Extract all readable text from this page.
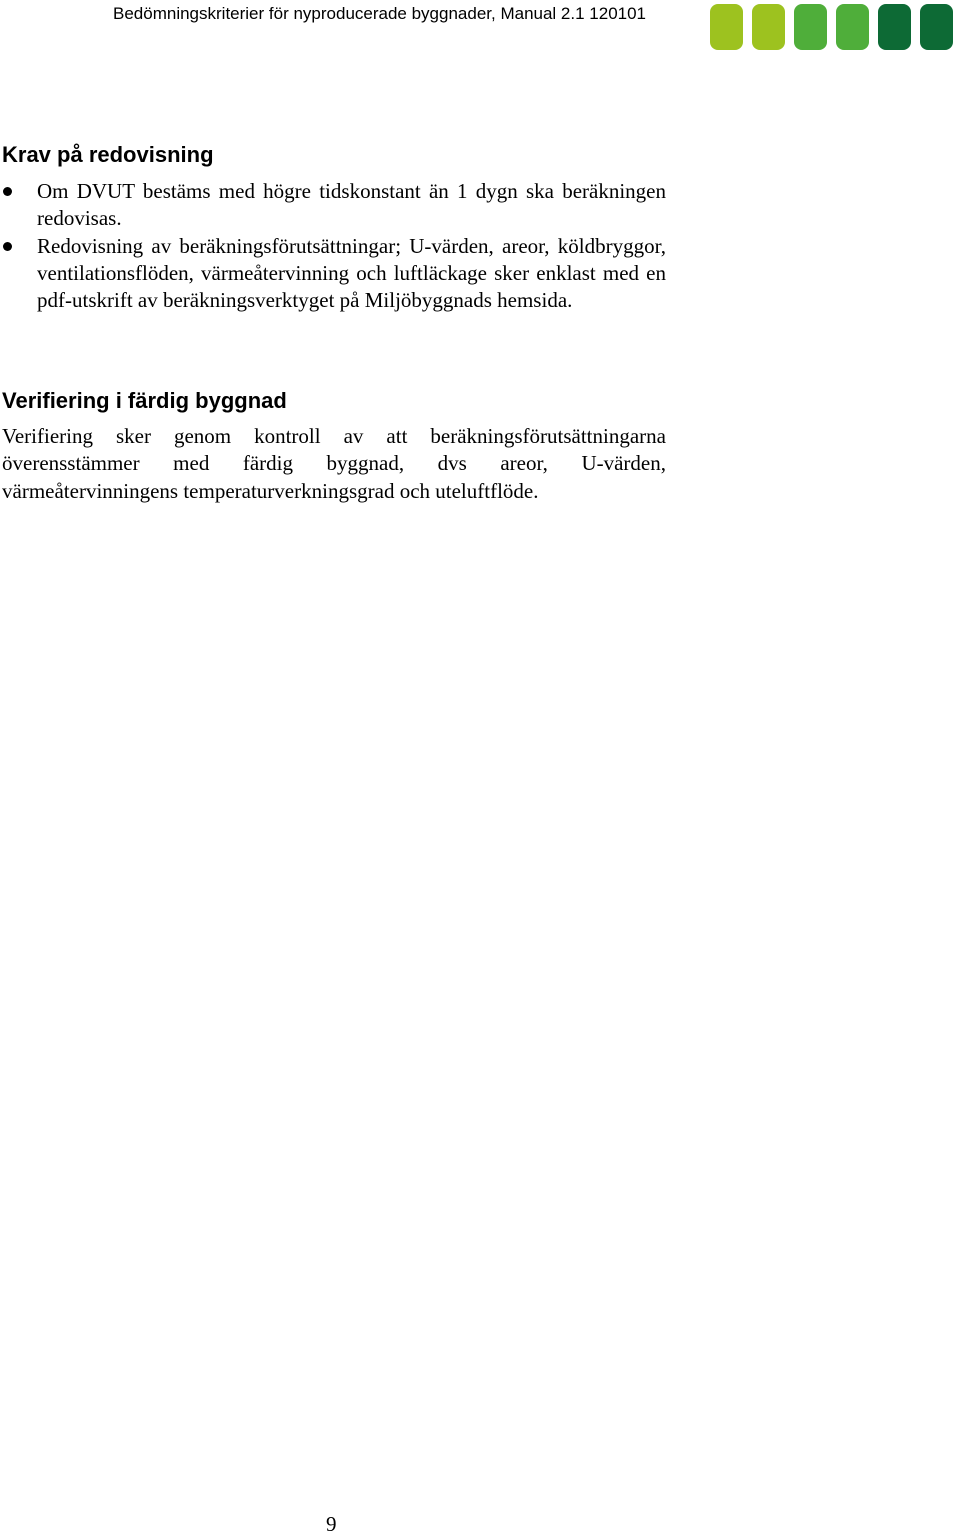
Bedömningskriterier för nyproducerade byggnader, Manual 2.1 120101
Krav på redovisning
Om DVUT bestäms med högre tidskonstant än 1 dygn ska beräkningen redovisas.
Redovisning av beräkningsförutsättningar; U-värden, areor, köldbryggor, ventilationsflöden, värmeåtervinning och luftläckage sker enklast med en pdf-utskrift av beräkningsverktyget på Miljöbyggnads hemsida.
Verifiering i färdig byggnad

Verifiering sker genom kontroll av att beräkningsförutsättningarna överensstämmer med färdig byggnad, dvs areor, U-värden, värmeåtervinningens temperaturverkningsgrad och uteluftflöde.

9
